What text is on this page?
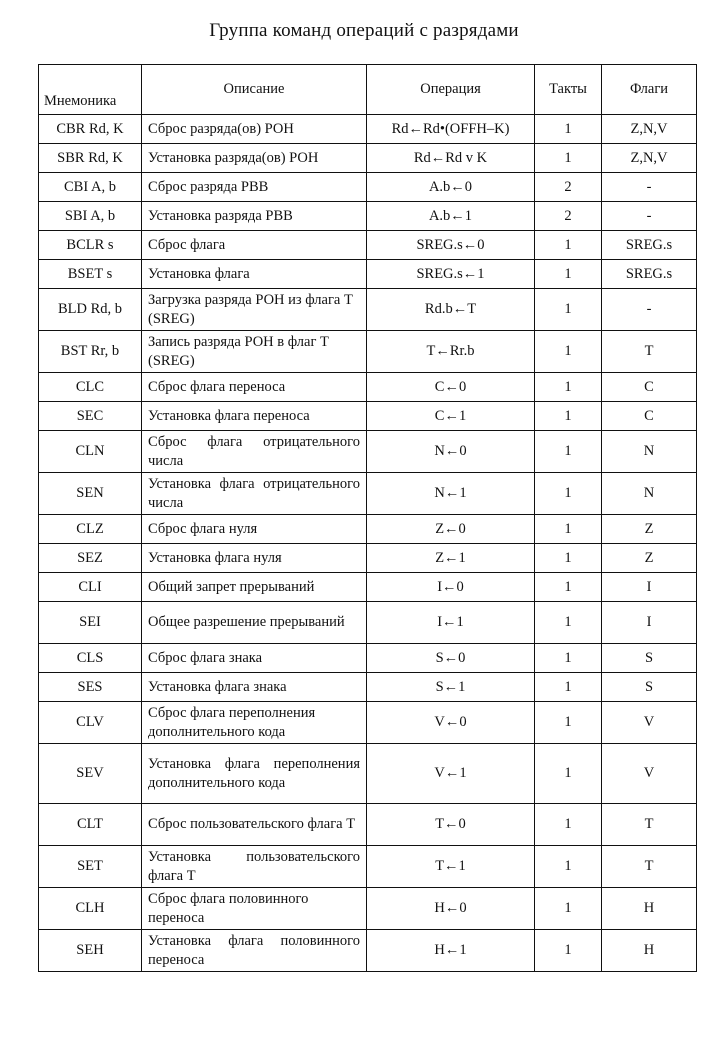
Группа команд операций с разрядами
Мнемоника	Описание	Операция	Такты	Флаги
CBR Rd, K	Сброс разряда(ов) РОН	Rd←Rd•(OFFH–K)	1	Z,N,V
SBR Rd, K	Установка разряда(ов) РОН	Rd←Rd v K	1	Z,N,V
CBI A, b	Сброс разряда РВВ	A.b←0	2	-
SBI A, b	Установка разряда РВВ	A.b←1	2	-
BCLR s	Сброс флага	SREG.s←0	1	SREG.s
BSET s	Установка флага	SREG.s←1	1	SREG.s
BLD Rd, b	Загрузка разряда РОН из флага T (SREG)	Rd.b←T	1	-
BST Rr, b	Запись разряда РОН в флаг T (SREG)	T←Rr.b	1	T
CLC	Сброс флага переноса	C←0	1	C
SEC	Установка флага переноса	C←1	1	C
CLN	Сброс флага отрицательного числа	N←0	1	N
SEN	Установка флага отрицательного числа	N←1	1	N
CLZ	Сброс флага нуля	Z←0	1	Z
SEZ	Установка флага нуля	Z←1	1	Z
CLI	Общий запрет прерываний	I←0	1	I
SEI	Общее разрешение прерываний	I←1	1	I
CLS	Сброс флага знака	S←0	1	S
SES	Установка флага знака	S←1	1	S
CLV	Сброс флага переполнения дополнительного кода	V←0	1	V
SEV	Установка флага переполнения дополнительного кода	V←1	1	V
CLT	Сброс пользовательского флага T	T←0	1	T
SET	Установка пользовательского флага T	T←1	1	T
CLH	Сброс флага половинного переноса	H←0	1	H
SEH	Установка флага половинного переноса	H←1	1	H
